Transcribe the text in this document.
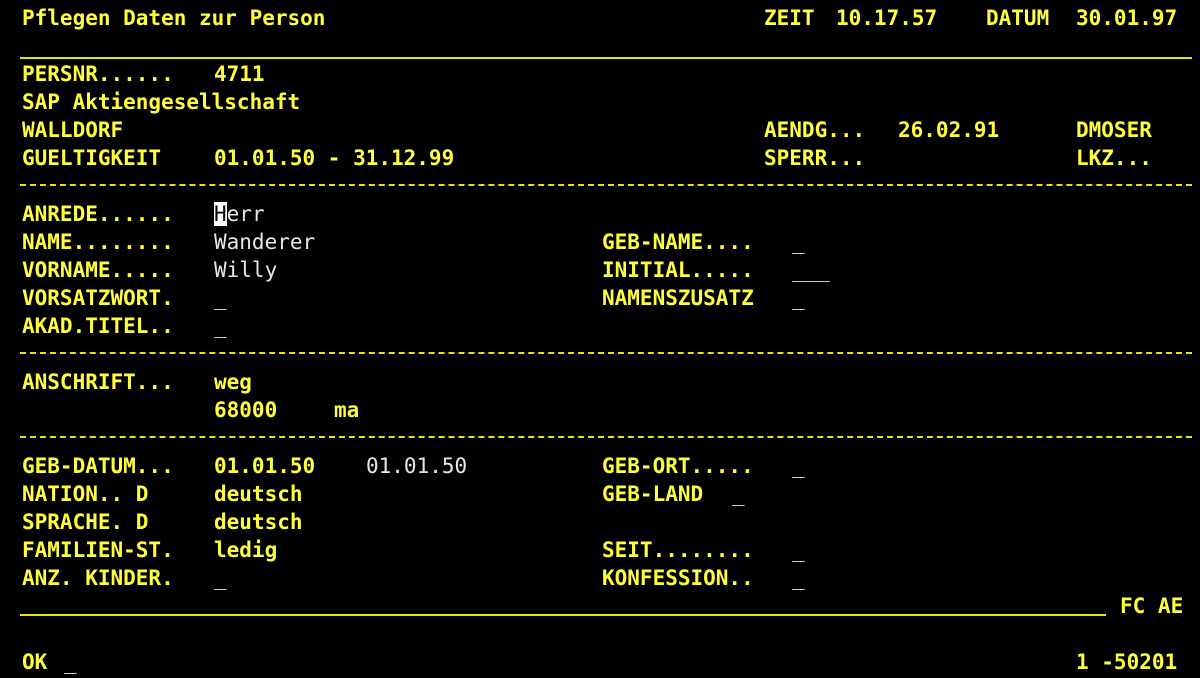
Pflegen Daten zur Person	ZEIT 10.17.57 DATUM 30.01.97
PERSNR...... 4711
SAP Aktiengesellschaft
WALLDORF	AENDG... 26.02.91	DMOSER
GUELTIGKEIT	01.01.50 - 31.12.99	SPERR...	LKZ...
ANREDE...... Herr
NAME........ Wanderer	GEB-NAME.... _
VORNAME..... Willy	INITIAL..... ___
VORSATZWORT. _	NAMENSZUSATZ _
AKAD.TITEL.. _
ANSCHRIFT... weg
68000	ma
GEB-DATUM... 01.01.50 01.01.50	GEB-ORT..... _
NATION.. D	deutsch	GEB-LAND _
SPRACHE. D	deutsch
FAMILIEN-ST. ledig	SEIT........ _
ANZ. KINDER. _	KONFESSION.. _
FC AE
OK _	1 -50201
